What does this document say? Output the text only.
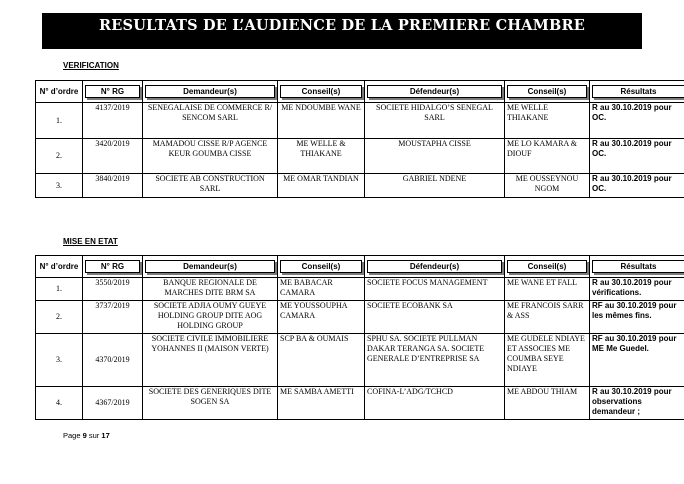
RESULTATS DE L’AUDIENCE DE LA PREMIERE CHAMBRE
VERIFICATION
N° d’ordre	N° RG	Demandeur(s)	Conseil(s)	Défendeur(s)	Conseil(s)	Résultats

1.	4137/2019	SENEGALAISE DE COMMERCE R/ SENCOM SARL	ME NDOUMBE WANE	SOCIETE HIDALGO’S SENEGAL SARL	ME WELLE THIAKANE	R au 30.10.2019 pour OC.
2.	3420/2019	MAMADOU CISSE R/P AGENCE KEUR GOUMBA CISSE	ME WELLE & THIAKANE	MOUSTAPHA CISSE	ME LO KAMARA & DIOUF	R au 30.10.2019 pour OC.
3.	3840/2019	SOCIETE AB CONSTRUCTION SARL	ME OMAR TANDIAN	GABRIEL NDENE	ME OUSSEYNOU NGOM	R au 30.10.2019 pour OC.
MISE EN ETAT
N° d’ordre	N° RG	Demandeur(s)	Conseil(s)	Défendeur(s)	Conseil(s)	Résultats

1.	3550/2019	BANQUE REGIONALE DE MARCHES DITE BRM SA	ME BABACAR CAMARA	SOCIETE FOCUS MANAGEMENT	ME WANE ET FALL	R au 30.10.2019 pour vérifications.
2.	3737/2019	SOCIETE ADJIA OUMY GUEYE HOLDING GROUP DITE AOG HOLDING GROUP	ME YOUSSOUPHA CAMARA	SOCIETE ECOBANK SA	ME FRANCOIS SARR & ASS	RF au 30.10.2019 pour les mêmes fins.
3.	4370/2019	SOCIETE CIVILE IMMOBILIERE YOHANNES II (MAISON VERTE)	SCP BA & OUMAIS	SPHU SA. SOCIETE PULLMAN DAKAR TERANGA SA. SOCIETE GENERALE D’ENTREPRISE SA	ME GUDELE NDIAYE ET ASSOCIES ME COUMBA SEYE NDIAYE	RF au 30.10.2019 pour ME Me Guedel.
4.	4367/2019	SOCIETE DES GENERIQUES DITE SOGEN SA	ME SAMBA AMETTI	COFINA-L’ADG/TCHCD	ME ABDOU THIAM	R au 30.10.2019 pour observations demandeur ;
Page 9 sur 17
